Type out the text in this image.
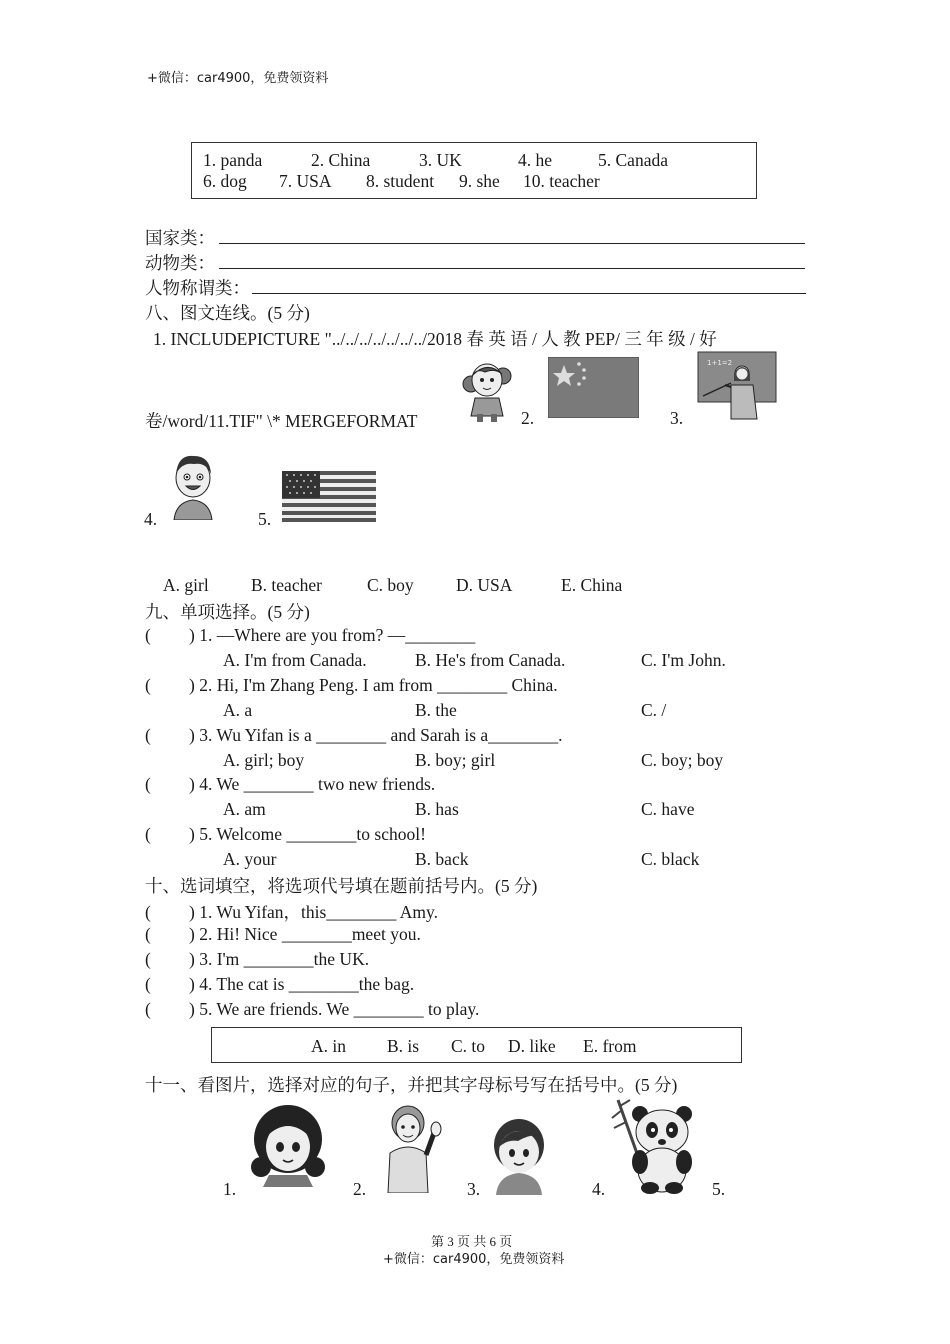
+微信：car4900，免费领资料
1. panda	2. China	3. UK	4. he	5. Canada
6. dog 7. USA 8. student 9. she 10. teacher
国家类：
动物类：
人物称谓类：
八、图文连线。(5 分)
1. INCLUDEPICTURE "../../../../../../../2018 春 英 语 / 人 教 PEP/ 三 年 级 / 好
卷/word/11.TIF" \* MERGEFORMAT	2.	3.
1+1=2
4.	5.
A. girl B. teacher	C. boy D. USA	E. China
九、单项选择。(5 分)
( ) 1. —Where are you from? —________
A. I'm from Canada.	B. He's from Canada.	C. I'm John.
( ) 2. Hi, I'm Zhang Peng. I am from ________ China.
A. a	B. the	C. /
( ) 3. Wu Yifan is a ________ and Sarah is a________.
A. girl; boy	B. boy; girl	C. boy; boy
( ) 4. We ________ two new friends.
A. am	B. has	C. have
( ) 5. Welcome ________to school!
A. your	B. back	C. black
十、选词填空，将选项代号填在题前括号内。(5 分)
( ) 1. Wu Yifan，this________ Amy.
( ) 2. Hi! Nice ________meet you.
( ) 3. I'm ________the UK.
( ) 4. The cat is ________the bag.
( ) 5. We are friends. We ________ to play.
A. in B. is C. to D. like E. from
十一、看图片，选择对应的句子，并把其字母标号写在括号中。(5 分)
1.	2.	3.	4.	5.
第 3 页 共 6 页
+微信：car4900，免费领资料
